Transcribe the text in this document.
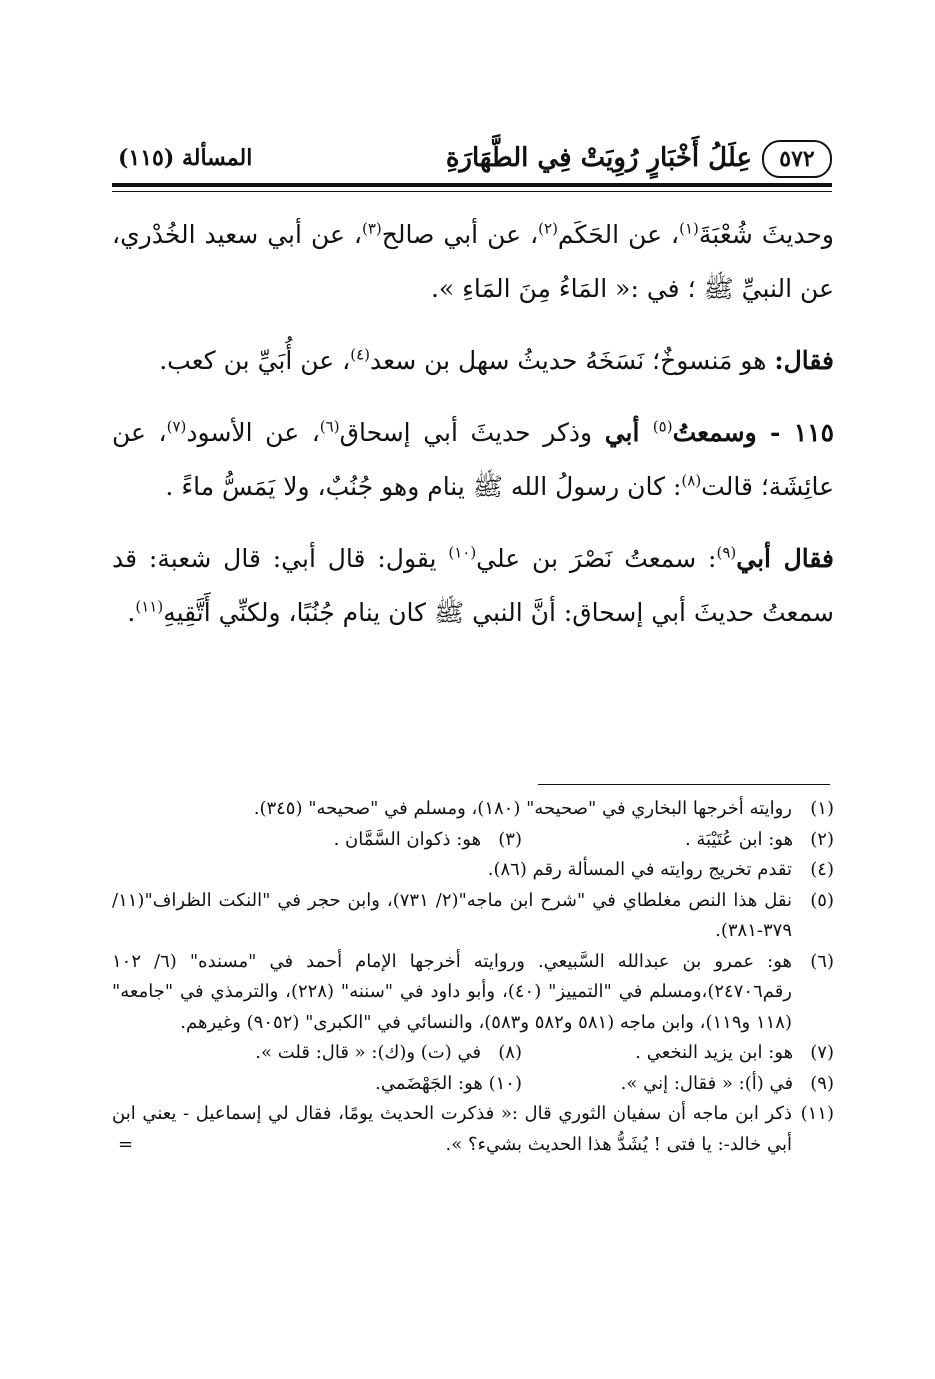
٥٧٢
عِلَلُ أَخْبَارٍ رُوِيَتْ فِي الطَّهَارَةِ
المسألة (١١٥)

وحديثَ شُعْبَةَ$^{(١)}$، عن الحَكَم$^{(٢)}$، عن أبي صالح$^{(٣)}$، عن أبي سعيد الخُدْري، عن النبيِّ ﷺ ؛ في :« المَاءُ مِنَ المَاءِ ».

فقال: هو مَنسوخٌ؛ نَسَخَهُ حديثُ سهل بن سعد$^{(٤)}$، عن أُبَيِّ بن كعب.

١١٥ - وسمعتُ$^{(٥)}$ أبي وذكر حديثَ أبي إسحاق$^{(٦)}$، عن الأسود$^{(٧)}$، عن عائِشَة؛ قالت$^{(٨)}$: كان رسولُ الله ﷺ ينام وهو جُنُبٌ، ولا يَمَسُّ ماءً .

فقال أبي$^{(٩)}$: سمعتُ نَصْرَ بن علي$^{(١٠)}$ يقول: قال أبي: قال شعبة: قد سمعتُ حديثَ أبي إسحاق: أنَّ النبي ﷺ كان ينام جُنُبًا، ولكنِّي أَتَّقِيهِ$^{(١١)}$.

(١)
روايته أخرجها البخاري في "صحيحه" (١٨٠)، ومسلم في "صحيحه" (٣٤٥).
(٢)   هو: ابن عُتَيْبَة .
(٣)   هو: ذكوان السَّمَّان .
(٤)
تقدم تخريج روايته في المسألة رقم (٨٦).
(٥)
نقل هذا النص مغلطاي في "شرح ابن ماجه"(٢/ ٧٣١)، وابن حجر في "النكت الظراف"(١١/ ٣٧٩-٣٨١).
(٦)
هو: عمرو بن عبدالله السَّبيعي. وروايته أخرجها الإمام أحمد في "مسنده" (٦/ ١٠٢ رقم٢٤٧٠٦)،ومسلم في "التمييز" (٤٠)، وأبو داود في "سننه" (٢٢٨)، والترمذي في "جامعه" (١١٨ و١١٩)، وابن ماجه (٥٨١ و٥٨٢ و٥٨٣)، والنسائي في "الكبرى" (٩٠٥٢) وغيرهم.
(٧)   هو: ابن يزيد النخعي .
(٨)   في (ت) و(ك): « قال: قلت ».
(٩)   في (أ): « فقال: إني ».
(١٠) هو: الجَهْضَمي.
(١١)
ذكر ابن ماجه أن سفيان الثوري قال :« فذكرت الحديث يومًا، فقال لي إسماعيل - يعني ابن أبي خالد-: يا فتى ! يُشَدُّ هذا الحديث بشيء؟ ».
=
